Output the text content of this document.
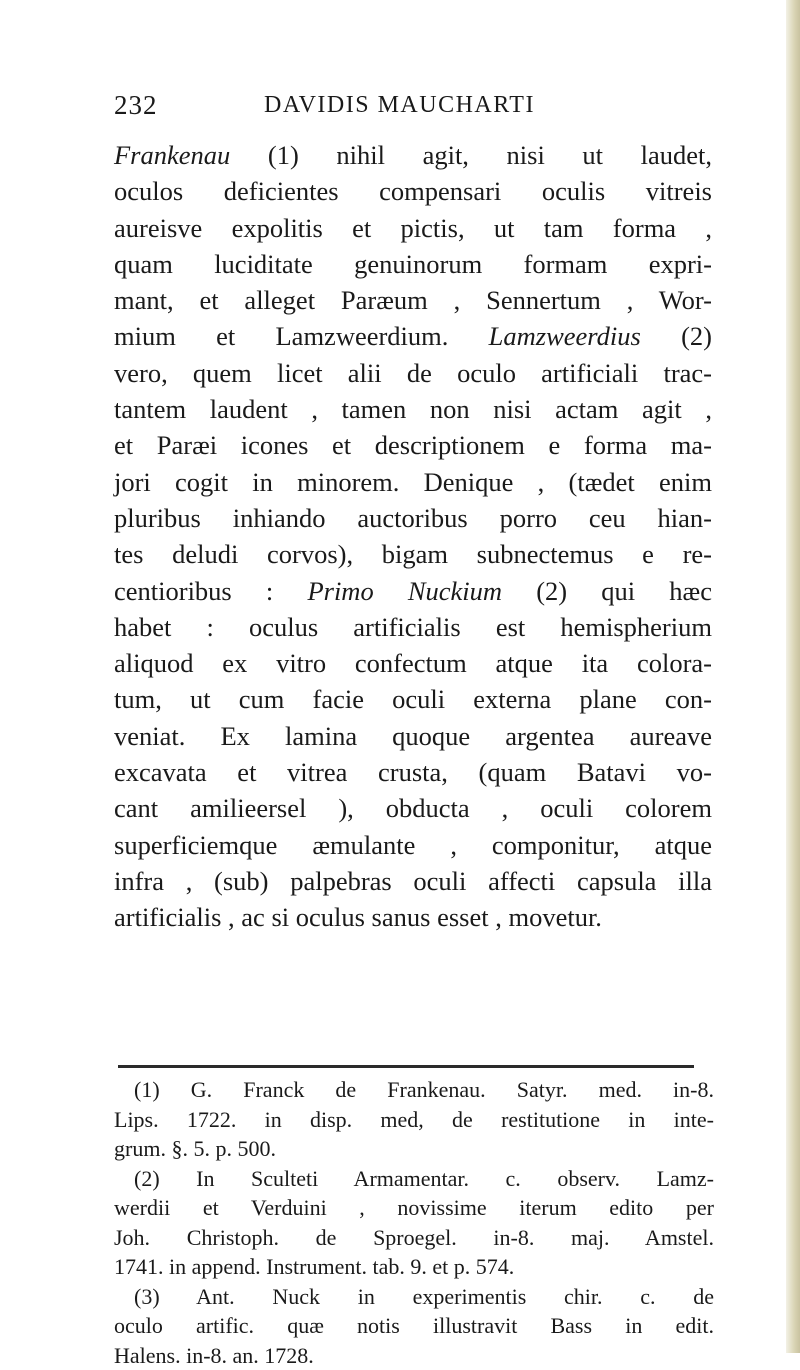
232	DAVIDIS MAUCHARTI
Frankenau (1) nihil agit, nisi ut laudet,
oculos deficientes compensari oculis vitreis
aureisve expolitis et pictis, ut tam forma ,
quam luciditate genuinorum formam expri-
mant, et alleget Paræum , Sennertum , Wor-
mium et Lamzweerdium. Lamzweerdius (2)
vero, quem licet alii de oculo artificiali trac-
tantem laudent , tamen non nisi actam agit ,
et Paræi icones et descriptionem e forma ma-
jori cogit in minorem. Denique , (tædet enim
pluribus inhiando auctoribus porro ceu hian-
tes deludi corvos), bigam subnectemus e re-
centioribus : Primo Nuckium (2) qui hæc
habet : oculus artificialis est hemispherium
aliquod ex vitro confectum atque ita colora-
tum, ut cum facie oculi externa plane con-
veniat. Ex lamina quoque argentea aureave
excavata et vitrea crusta, (quam Batavi vo-
cant amilieersel ), obducta , oculi colorem
superficiemque æmulante , componitur, atque
infra , (sub) palpebras oculi affecti capsula illa
artificialis , ac si oculus sanus esset , movetur.
(1) G. Franck de Frankenau. Satyr. med. in-8.
Lips. 1722. in disp. med, de restitutione in inte-
grum. §. 5. p. 500.
(2) In Sculteti Armamentar. c. observ. Lamz-
werdii et Verduini , novissime iterum edito per
Joh. Christoph. de Sproegel. in-8. maj. Amstel.
1741. in append. Instrument. tab. 9. et p. 574.
(3) Ant. Nuck in experimentis chir. c. de
oculo artific. quæ notis illustravit Bass in edit.
Halens. in-8. an. 1728.
